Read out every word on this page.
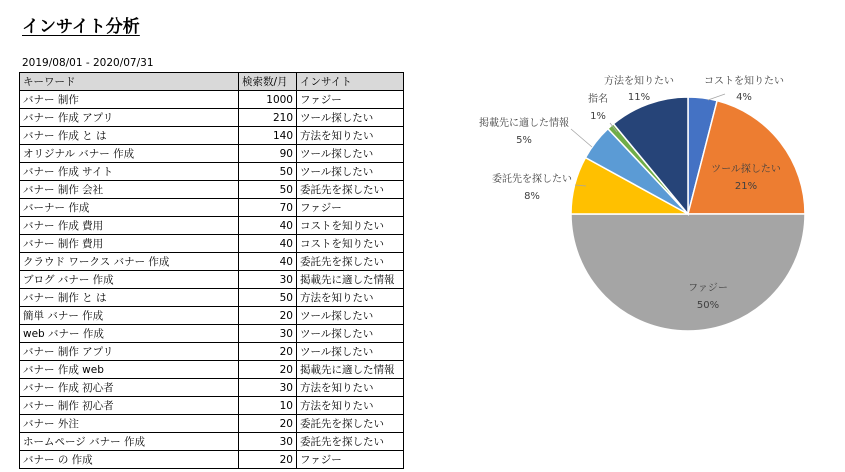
インサイト分析
2019/08/01 - 2020/07/31
キーワード	検索数/月	インサイト
バナー 制作	1000	ファジー
バナー 作成 アプリ	210	ツール探したい
バナー 作成 と は	140	方法を知りたい
オリジナル バナー 作成	90	ツール探したい
バナー 作成 サイト	50	ツール探したい
バナー 制作 会社	50	委託先を探したい
バーナー 作成	70	ファジー
バナー 作成 費用	40	コストを知りたい
バナー 制作 費用	40	コストを知りたい
クラウド ワークス バナー 作成	40	委託先を探したい
ブログ バナー 作成	30	掲載先に適した情報
バナー 制作 と は	50	方法を知りたい
簡単 バナー 作成	20	ツール探したい
web バナー 作成	30	ツール探したい
バナー 制作 アプリ	20	ツール探したい
バナー 作成 web	20	掲載先に適した情報
バナー 作成 初心者	30	方法を知りたい
バナー 制作 初心者	10	方法を知りたい
バナー 外注	20	委託先を探したい
ホームページ バナー 作成	30	委託先を探したい
バナー の 作成	20	ファジー
コストを知りたい
4%
ツール探したい
21%
ファジー
50%
委託先を探したい
8%
掲載先に適した情報
5%
指名
1%
方法を知りたい
11%
